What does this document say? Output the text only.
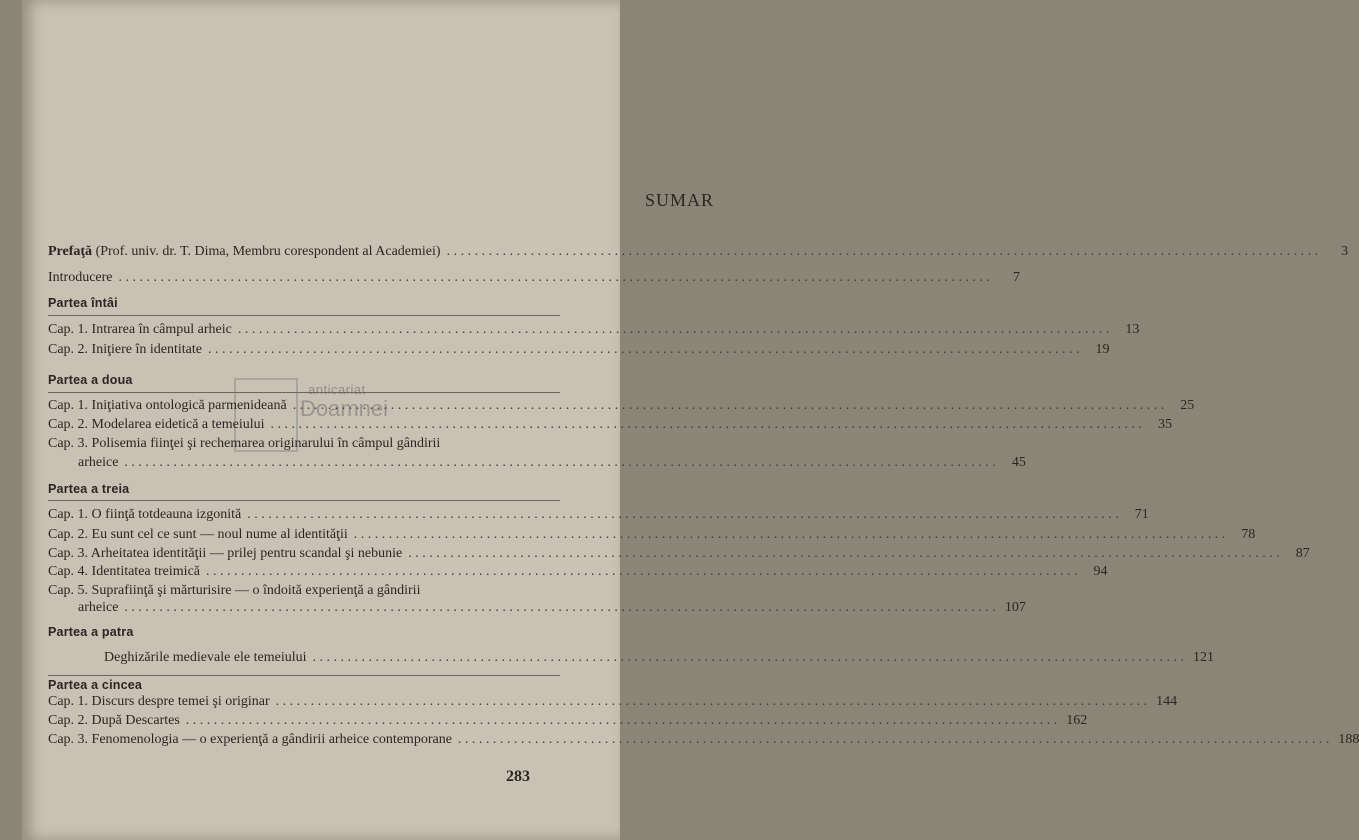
anticariat
Doamnei
SUMAR
Prefaţă (Prof. univ. dr. T. Dima, Membru corespondent al Academiei) . . .	3
Introducere . . .	7
Partea întâi
Cap. 1. Intrarea în câmpul arheic . . .	13
Cap. 2. Iniţiere în identitate . . .	19
Partea a doua
Cap. 1. Iniţiativa ontologică parmenideană . . .	25
Cap. 2. Modelarea eidetică a temeiului . . .	35
Cap. 3. Polisemia fiinţei şi rechemarea originarului în câmpul gândirii
arheice . . .	45
Partea a treia
Cap. 1. O fiinţă totdeauna izgonită . . .	71
Cap. 2. Eu sunt cel ce sunt — noul nume al identităţii . . .	78
Cap. 3. Arheitatea identităţii — prilej pentru scandal şi nebunie . . .	87
Cap. 4. Identitatea treimică . . .	94
Cap. 5. Suprafiinţă şi mărturisire — o îndoită experienţă a gândirii
arheice . . .	107
Partea a patra
Deghizările medievale ele temeiului . . .	121
Partea a cincea
Cap. 1. Discurs despre temei şi originar . . .	144
Cap. 2. După Descartes . . .	162
Cap. 3. Fenomenologia — o experienţă a gândirii arheice contemporane . . .	188
283
